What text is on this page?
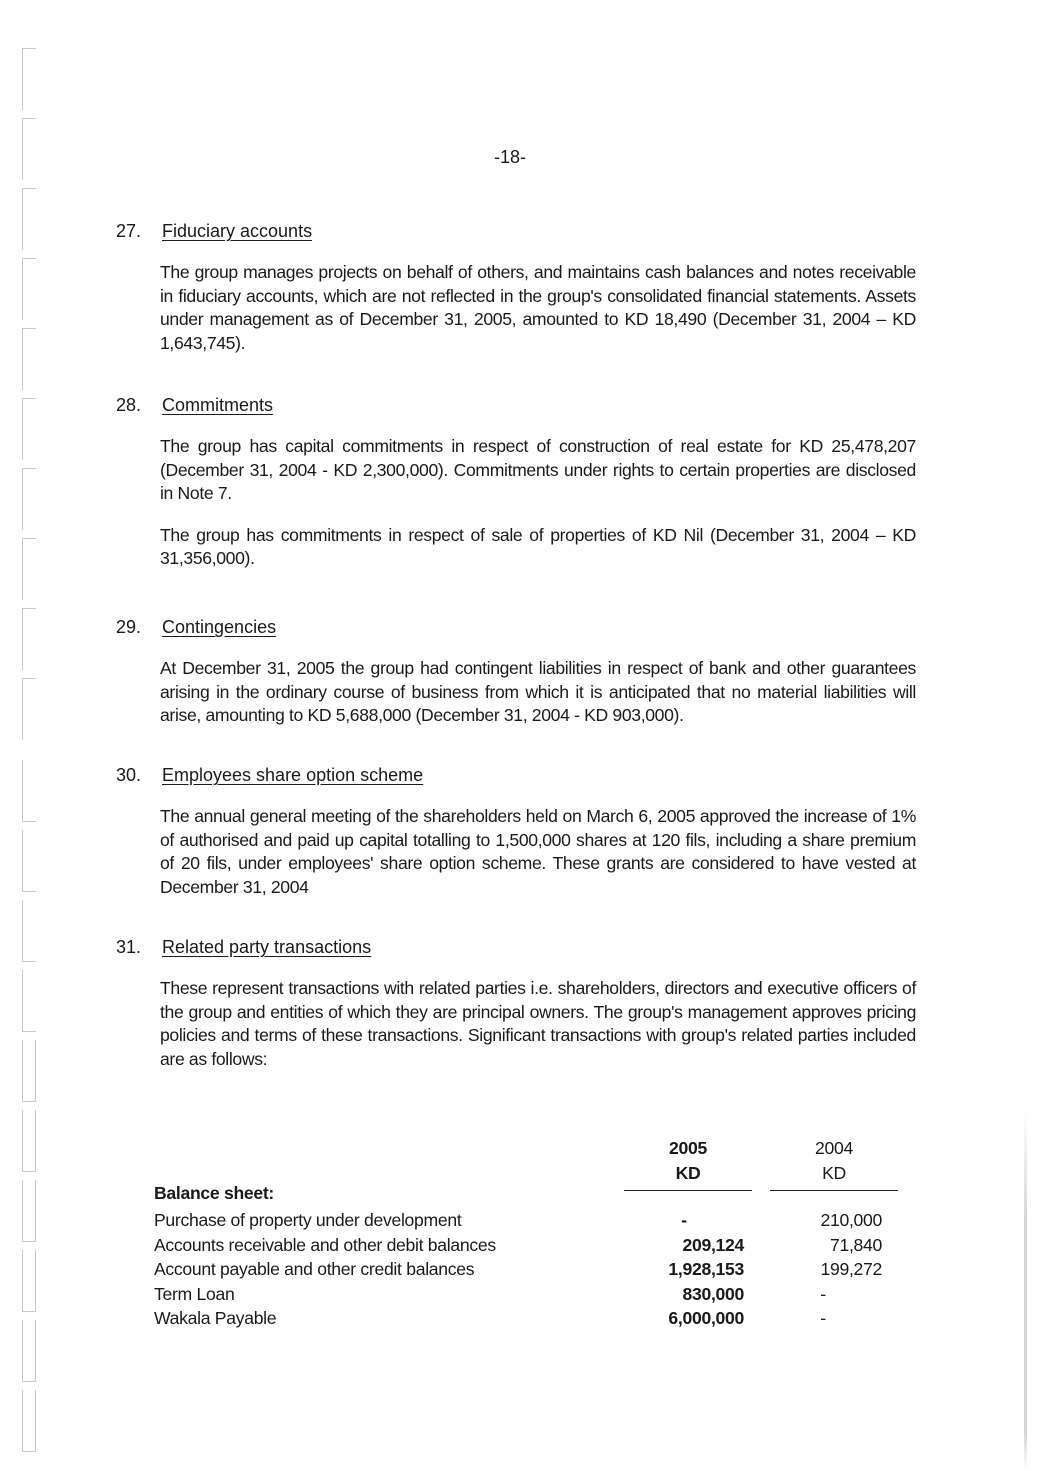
-18-
27. Fiduciary accounts

The group manages projects on behalf of others, and maintains cash balances and notes receivable in fiduciary accounts, which are not reflected in the group's consolidated financial statements. Assets under management as of December 31, 2005, amounted to KD 18,490 (December 31, 2004 – KD 1,643,745).

28. Commitments

The group has capital commitments in respect of construction of real estate for KD 25,478,207 (December 31, 2004 - KD 2,300,000). Commitments under rights to certain properties are disclosed in Note 7.

The group has commitments in respect of sale of properties of KD Nil (December 31, 2004 – KD 31,356,000).

29. Contingencies

At December 31, 2005 the group had contingent liabilities in respect of bank and other guarantees arising in the ordinary course of business from which it is anticipated that no material liabilities will arise, amounting to KD 5,688,000 (December 31, 2004 - KD 903,000).

30. Employees share option scheme

The annual general meeting of the shareholders held on March 6, 2005 approved the increase of 1% of authorised and paid up capital totalling to 1,500,000 shares at 120 fils, including a share premium of 20 fils, under employees' share option scheme. These grants are considered to have vested at December 31, 2004

31. Related party transactions

These represent transactions with related parties i.e. shareholders, directors and executive officers of the group and entities of which they are principal owners. The group's management approves pricing policies and terms of these transactions. Significant transactions with group's related parties included are as follows:

2005
KD
2004
KD
Balance sheet:
Purchase of property under development	-	210,000
Accounts receivable and other debit balances	209,124	71,840
Account payable and other credit balances	1,928,153	199,272
Term Loan	830,000	-
Wakala Payable	6,000,000	-
